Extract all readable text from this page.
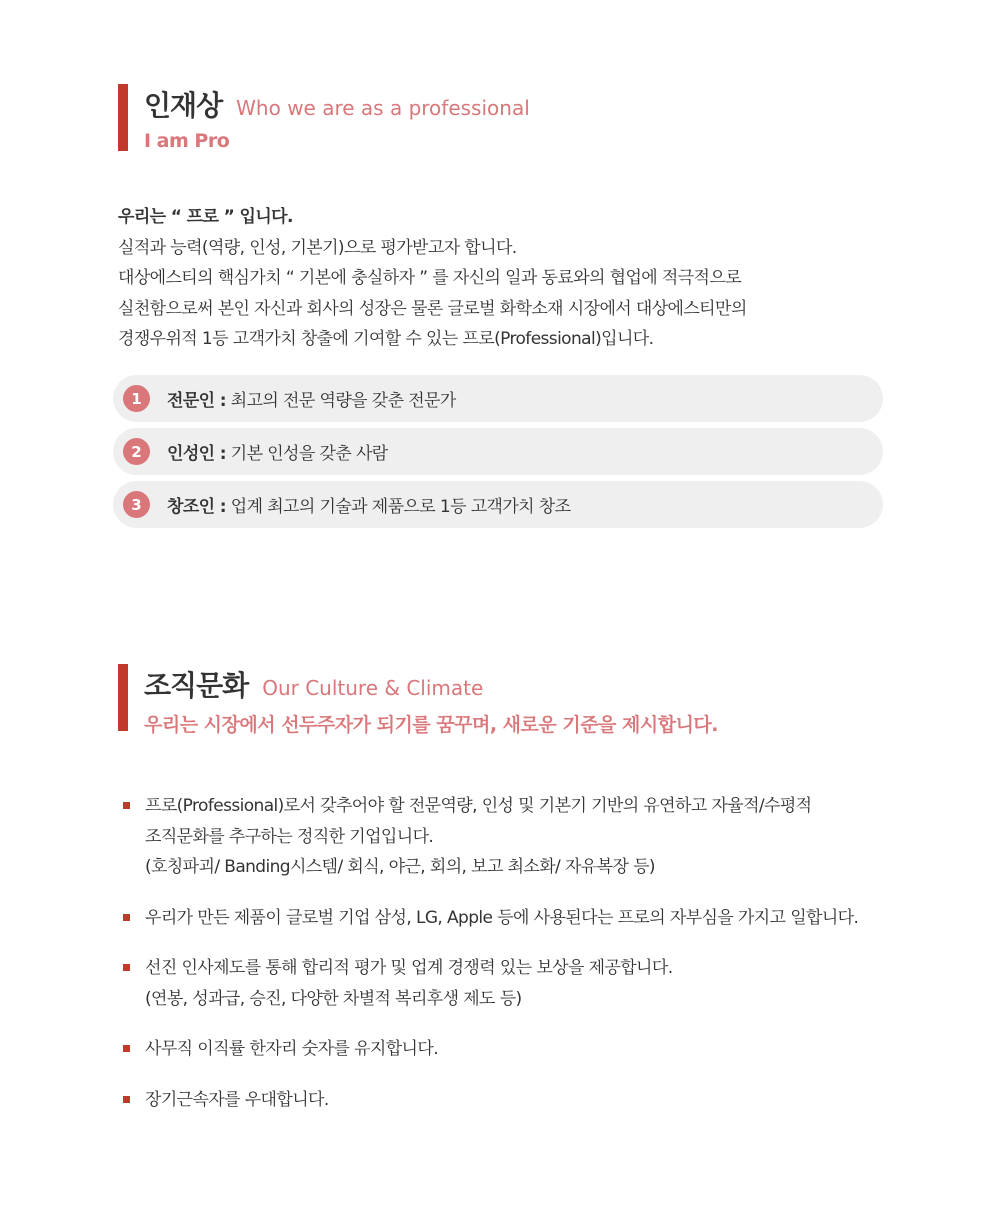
인재상 Who we are as a professional
I am Pro
우리는 “ 프로 ” 입니다.
실적과 능력(역량, 인성, 기본기)으로 평가받고자 합니다.
대상에스티의 핵심가치 “ 기본에 충실하자 ” 를 자신의 일과 동료와의 협업에 적극적으로
실천함으로써 본인 자신과 회사의 성장은 물론 글로벌 화학소재 시장에서 대상에스티만의
경쟁우위적 1등 고객가치 창출에 기여할 수 있는 프로(Professional)입니다.
1	전문인 : 최고의 전문 역량을 갖춘 전문가
2	인성인 : 기본 인성을 갖춘 사람
3	창조인 : 업계 최고의 기술과 제품으로 1등 고객가치 창조
조직문화 Our Culture & Climate
우리는 시장에서 선두주자가 되기를 꿈꾸며, 새로운 기준을 제시합니다.
프로(Professional)로서 갖추어야 할 전문역량, 인성 및 기본기 기반의 유연하고 자율적/수평적
조직문화를 추구하는 정직한 기업입니다.
(호칭파괴/ Banding시스템/ 회식, 야근, 회의, 보고 최소화/ 자유복장 등)
우리가 만든 제품이 글로벌 기업 삼성, LG, Apple 등에 사용된다는 프로의 자부심을 가지고 일합니다.
선진 인사제도를 통해 합리적 평가 및 업계 경쟁력 있는 보상을 제공합니다.
(연봉, 성과급, 승진, 다양한 차별적 복리후생 제도 등)
사무직 이직률 한자리 숫자를 유지합니다.
장기근속자를 우대합니다.
